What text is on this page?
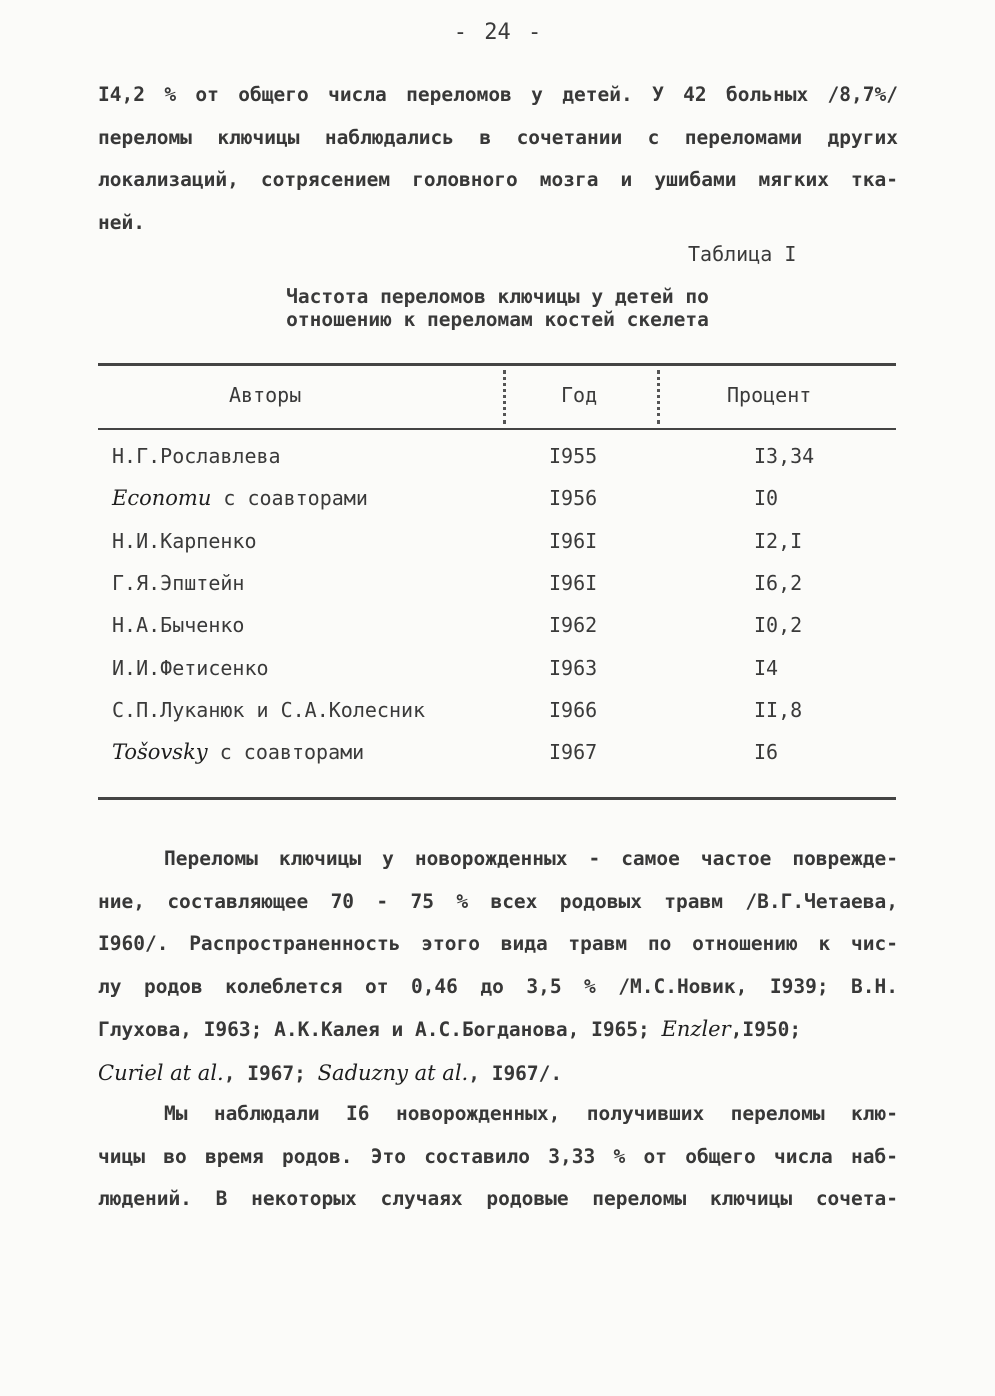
- 24 -
I4,2 % от общего числа переломов у детей. У 42 больных /8,7%/
переломы ключицы наблюдались в сочетании с переломами других
локализаций, сотрясением головного мозга и ушибами мягких тка-
ней.
Таблица I
Частота переломов ключицы у детей по
отношению к переломам костей скелета
Авторы	Год	Процент
Н.Г.Рославлева	I955	I3,34
Economu с соавторами	I956	I0
Н.И.Карпенко	I96I	I2,I
Г.Я.Эпштейн	I96I	I6,2
Н.А.Быченко	I962	I0,2
И.И.Фетисенко	I963	I4
С.П.Луканюк и С.А.Колесник	I966	II,8
Tošovsky с соавторами	I967	I6
Переломы ключицы у новорожденных - самое частое поврежде-
ние, составляющее 70 - 75 % всех родовых травм /В.Г.Четаева,
I960/. Распространенность этого вида травм по отношению к чис-
лу родов колеблется от 0,46 до 3,5 % /М.С.Новик, I939; В.Н.
Глухова, I963; А.К.Калея и А.С.Богданова, I965; Enzler,I950;
Curiel at al., I967; Saduzny at al., I967/.
Мы наблюдали I6 новорожденных, получивших переломы клю-
чицы во время родов. Это составило 3,33 % от общего числа наб-
людений. В некоторых случаях родовые переломы ключицы сочета-
